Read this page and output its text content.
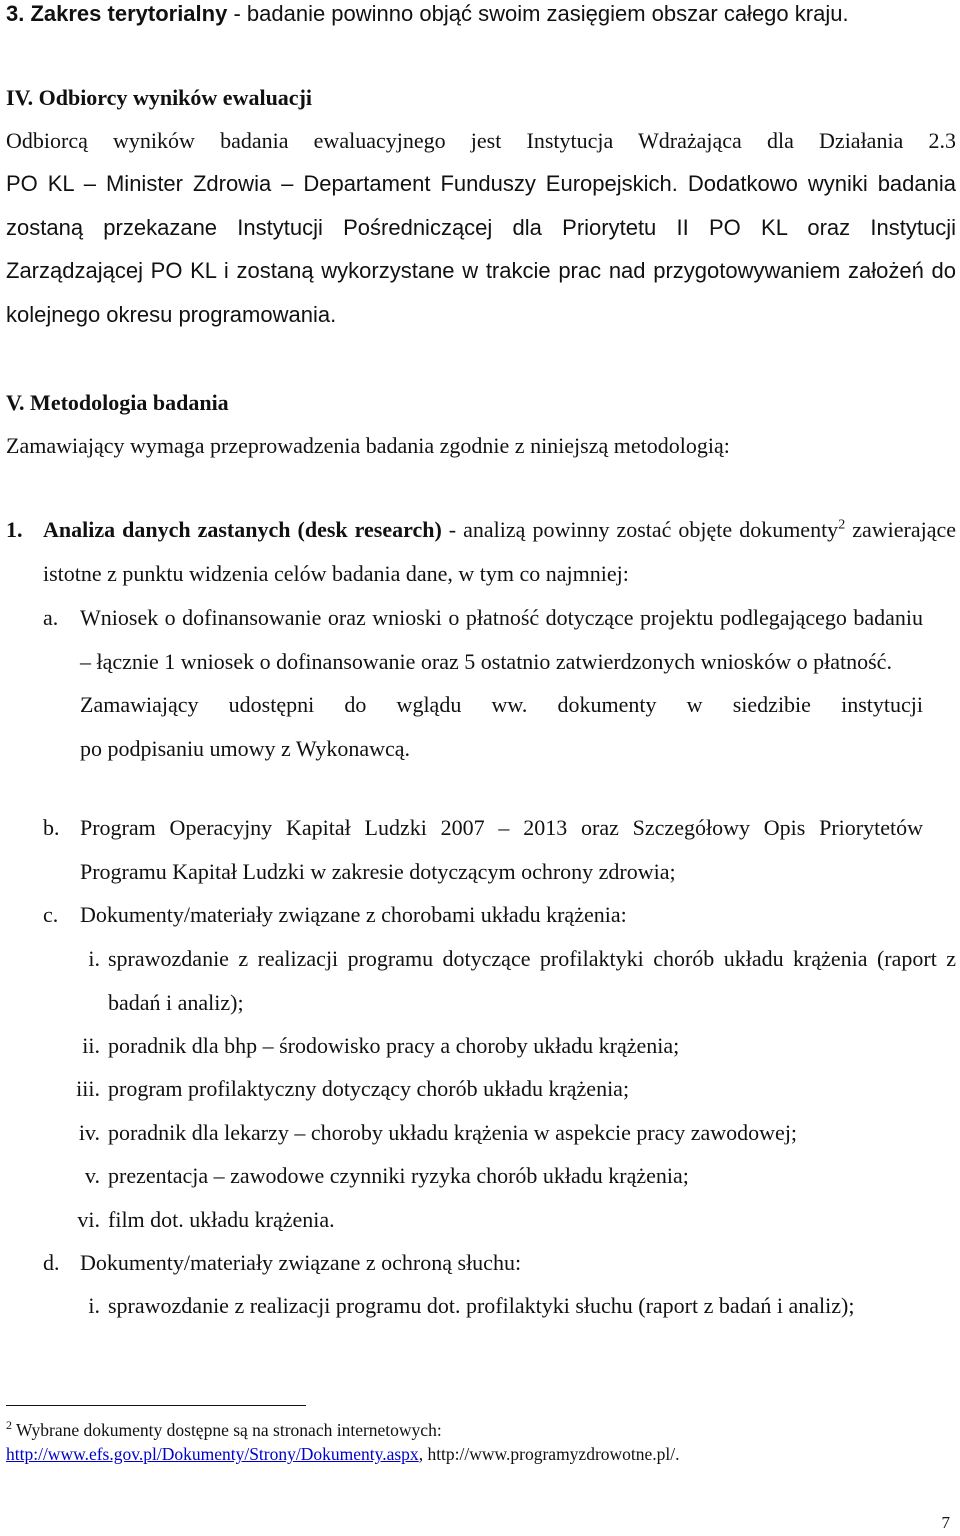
3. Zakres terytorialny - badanie powinno objąć swoim zasięgiem obszar całego kraju.
IV. Odbiorcy wyników ewaluacji
Odbiorcą wyników badania ewaluacyjnego jest Instytucja Wdrażająca dla Działania 2.3
PO KL – Minister Zdrowia – Departament Funduszy Europejskich. Dodatkowo wyniki badania zostaną przekazane Instytucji Pośredniczącej dla Priorytetu II PO KL oraz Instytucji Zarządzającej PO KL i zostaną wykorzystane w trakcie prac nad przygotowywaniem założeń do kolejnego okresu programowania.
V. Metodologia badania
Zamawiający wymaga przeprowadzenia badania zgodnie z niniejszą metodologią:
1. Analiza danych zastanych (desk research) - analizą powinny zostać objęte dokumenty$^2$ zawierające istotne z punktu widzenia celów badania dane, w tym co najmniej:
a. Wniosek o dofinansowanie oraz wnioski o płatność dotyczące projektu podlegającego badaniu – łącznie 1 wniosek o dofinansowanie oraz 5 ostatnio zatwierdzonych wniosków o płatność.
Zamawiający udostępni do wglądu ww. dokumenty w siedzibie instytucji
po podpisaniu umowy z Wykonawcą.
b. Program Operacyjny Kapitał Ludzki 2007 – 2013 oraz Szczegółowy Opis Priorytetów Programu Kapitał Ludzki w zakresie dotyczącym ochrony zdrowia;
c. Dokumenty/materiały związane z chorobami układu krążenia:
i. sprawozdanie z realizacji programu dotyczące profilaktyki chorób układu krążenia (raport z badań i analiz);
ii. poradnik dla bhp – środowisko pracy a choroby układu krążenia;
iii. program profilaktyczny dotyczący chorób układu krążenia;
iv. poradnik dla lekarzy – choroby układu krążenia w aspekcie pracy zawodowej;
v. prezentacja – zawodowe czynniki ryzyka chorób układu krążenia;
vi. film dot. układu krążenia.
d. Dokumenty/materiały związane z ochroną słuchu:
i. sprawozdanie z realizacji programu dot. profilaktyki słuchu (raport z badań i analiz);
$^2$ Wybrane dokumenty dostępne są na stronach internetowych:
http://www.efs.gov.pl/Dokumenty/Strony/Dokumenty.aspx, http://www.programyzdrowotne.pl/.
7
